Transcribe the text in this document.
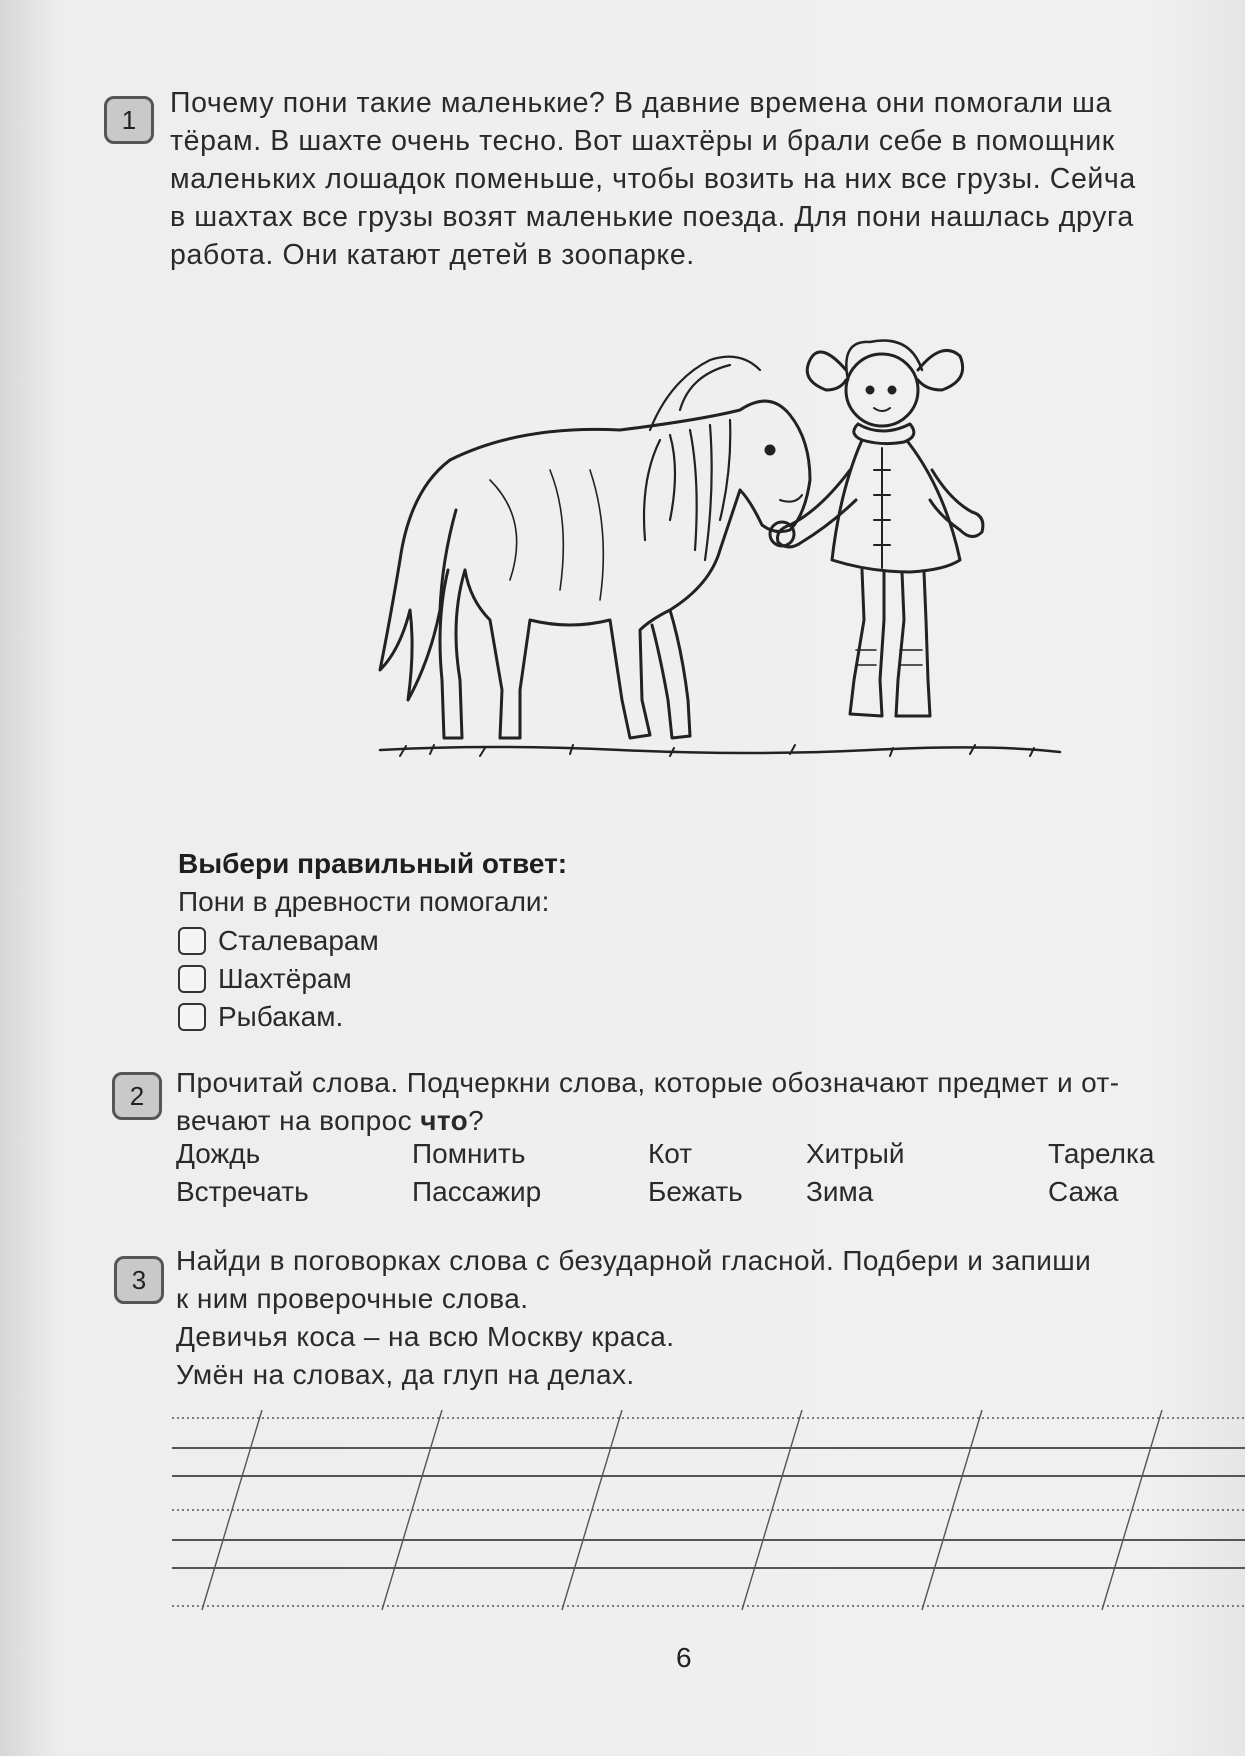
1
Почему пони такие маленькие? В давние времена они помогали ша
тёрам. В шахте очень тесно. Вот шахтёры и брали себе в помощник
маленьких лошадок поменьше, чтобы возить на них все грузы. Сейча
в шахтах все грузы возят маленькие поезда. Для пони нашлась друга
работа. Они катают детей в зоопарке.
Выбери правильный ответ:
Пони в древности помогали:
Сталеварам
Шахтёрам
Рыбакам.
2	Прочитай слова. Подчеркни слова, которые обозначают предмет и от-
вечают на вопрос что?
Дождь	Помнить	Кот	Хитрый	Тарелка
Встречать	Пассажир	Бежать Зима	Сажа
3
Найди в поговорках слова с безударной гласной. Подбери и запиши
к ним проверочные слова.
Девичья коса – на всю Москву краса.
Умён на словах, да глуп на делах.
6
